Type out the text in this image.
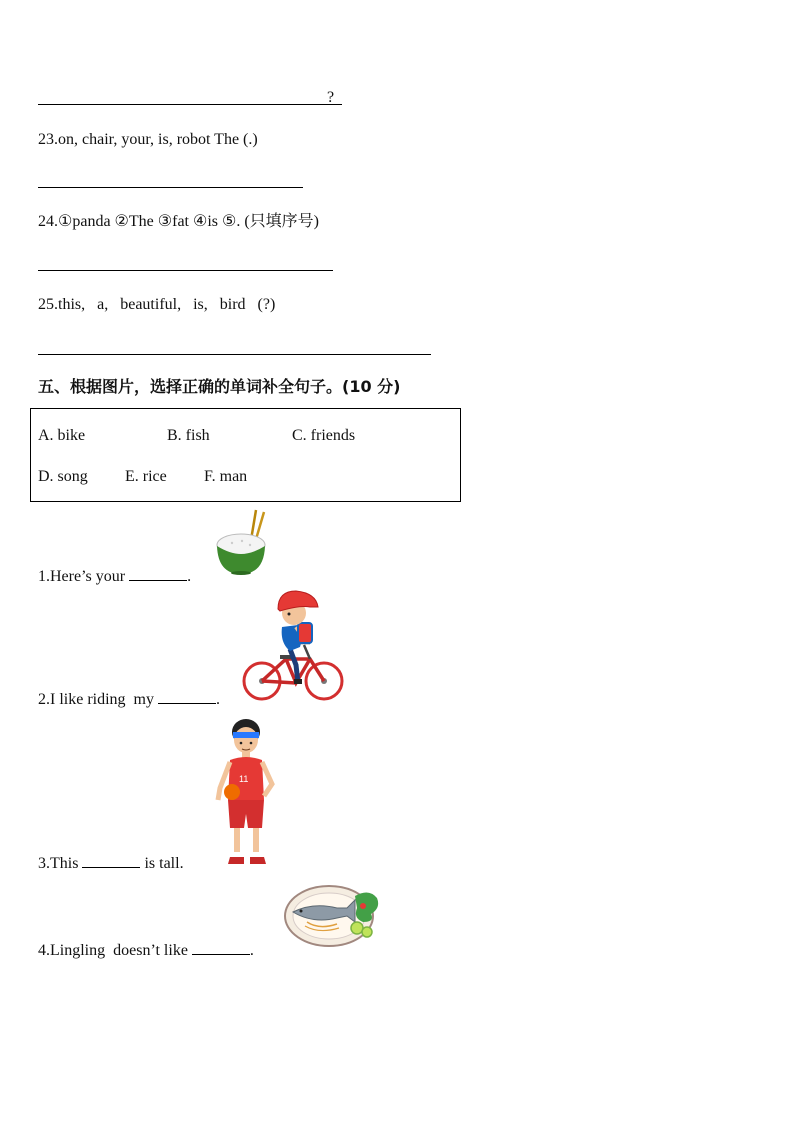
?
23.on, chair, your, is, robot The (.)
24.①panda ②The ③fat ④is ⑤. (只填序号)
25.this,   a,   beautiful,   is,   bird   (?)
五、根据图片，选择正确的单词补全句子。(10 分)
A. bike	B. fish	C. friends
D. song E. rice F. man
1.Here’s your	.
2.I like riding  my	.
3.This	is tall.
11
4.Lingling  doesn’t like	.
